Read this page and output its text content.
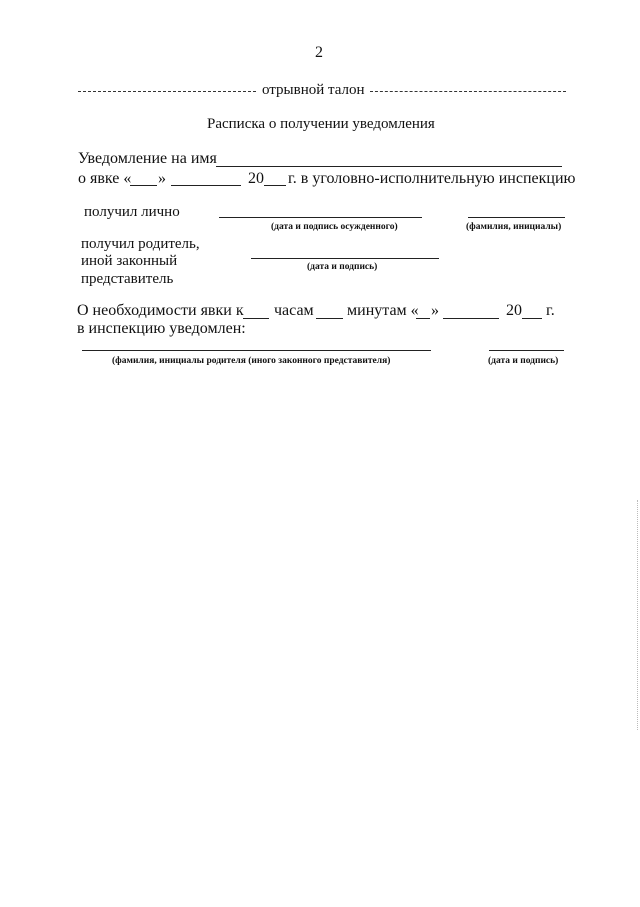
2
отрывной талон
Расписка о получении уведомления
Уведомление на имя
о явке « »	20 г. в уголовно-исполнительную инспекцию
получил лично
(дата и подпись осужденного)	(фамилия, инициалы)
получил родитель,
иной законный
представитель
(дата и подпись)
О необходимости явки к часам минутам « »	20 г.
в инспекцию уведомлен:
(фамилия, инициалы родителя (иного законного представителя)	(дата и подпись)
